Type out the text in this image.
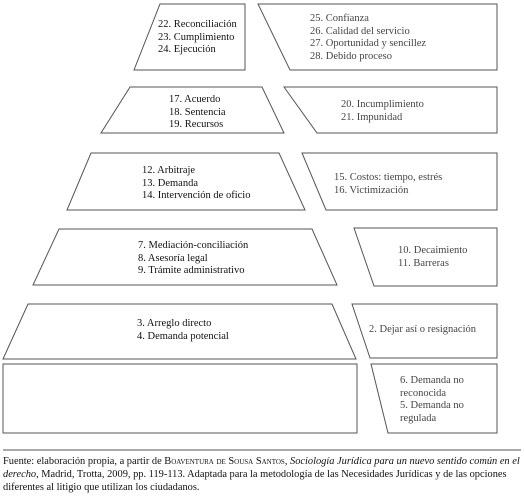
22. Reconciliación
23. Cumplimiento
24. Ejecución
25. Confianza
26. Calidad del servicio
27. Oportunidad y sencillez
28. Debido proceso
17. Acuerdo
18. Sentencia
19. Recursos
20. Incumplimiento
21. Impunidad
12. Arbitraje
13. Demanda
14. Intervención de oficio
15. Costos: tiempo, estrés
16. Victimización
7. Mediación-conciliación
8. Asesoría legal
9. Trámite administrativo
10. Decaimiento
11. Barreras
3. Arreglo directo
4. Demanda potencial
2. Dejar así o resignación
6. Demanda no reconocida
5. Demanda no regulada
Fuente: elaboración propia, a partir de Boaventura de Sousa Santos, Sociología Jurídica para un nuevo sentido común en el derecho, Madrid, Trotta, 2009, pp. 119-113. Adaptada para la metodología de las Necesidades Jurídicas y de las opciones diferentes al litigio que utilizan los ciudadanos.
